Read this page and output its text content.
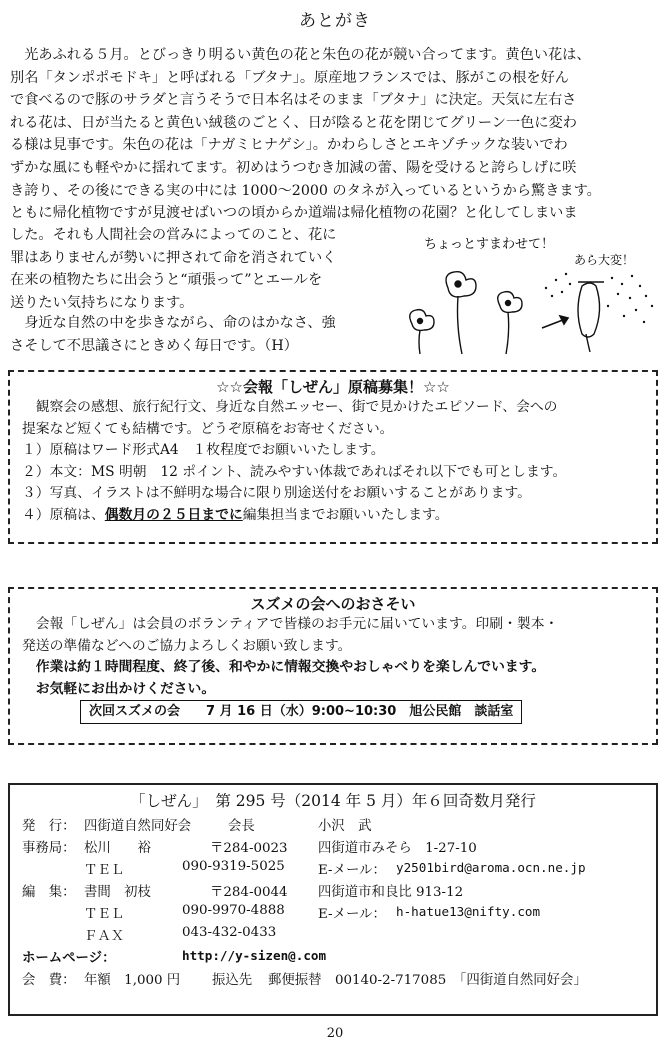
あとがき

　光あふれる５月。とびっきり明るい黄色の花と朱色の花が競い合ってます。黄色い花は、

別名「タンポポモドキ」と呼ばれる「ブタナ」。原産地フランスでは、豚がこの根を好ん

で食べるので豚のサラダと言うそうで日本名はそのまま「ブタナ」に決定。天気に左右さ

れる花は、日が当たると黄色い絨毯のごとく、日が陰ると花を閉じてグリーン一色に変わ

る様は見事です。朱色の花は「ナガミヒナゲシ」。かわらしさとエキゾチックな装いでわ

ずかな風にも軽やかに揺れてます。初めはうつむき加減の蕾、陽を受けると誇らしげに咲

き誇り、その後にできる実の中には 1000～2000 のタネが入っているというから驚きます。

ともに帰化植物ですが見渡せばいつの頃からか道端は帰化植物の花園？と化してしまいま

した。それも人間社会の営みによってのこと、花に

罪はありませんが勢いに押されて命を消されていく

在来の植物たちに出会うと“頑張って”とエールを

送りたい気持ちになります。

　身近な自然の中を歩きながら、命のはかなさ、強

さそして不思議さにときめく毎日です。（H）

ちょっとすまわせて！
あら大変！
☆☆会報「しぜん」原稿募集！☆☆

　観察会の感想、旅行紀行文、身近な自然エッセー、街で見かけたエピソード、会への

提案など短くても結構です。どうぞ原稿をお寄せください。

１）原稿はワード形式A4　１枚程度でお願いいたします。

２）本文：MS 明朝　12 ポイント、読みやすい体裁であればそれ以下でも可とします。

３）写真、イラストは不鮮明な場合に限り別途送付をお願いすることがあります。

４）原稿は、偶数月の２５日までに編集担当までお願いいたします。

スズメの会へのおさそい

　会報「しぜん」は会員のボランティアで皆様のお手元に届いています。印刷・製本・

発送の準備などへのご協力よろしくお願い致します。

　作業は約１時間程度、終了後、和やかに情報交換やおしゃべりを楽しんでいます。

　お気軽にお出かけください。

次回スズメの会　　7 月 16 日（水）9:00~10:30　旭公民館　談話室

「しぜん」　第 295 号（2014 年 5 月）年６回奇数月発行
発　行： 四街道自然同好会	会長	小沢　武
事務局： 松川　　裕	〒284-0023 四街道市みそら　1-27-10
ＴＥＬ	090-9319-5025 E-メール： y2501bird@aroma.ocn.ne.jp
編　集： 書間　初枝	〒284-0044 四街道市和良比 913-12
ＴＥＬ	090-9970-4888 E-メール： h-hatue13@nifty.com
ＦＡＸ	043-432-0433
ホームページ：	http://y-sizen@.com
会　費： 年額　1,000 円 振込先 郵便振替　00140-2-717085　「四街道自然同好会」
20
